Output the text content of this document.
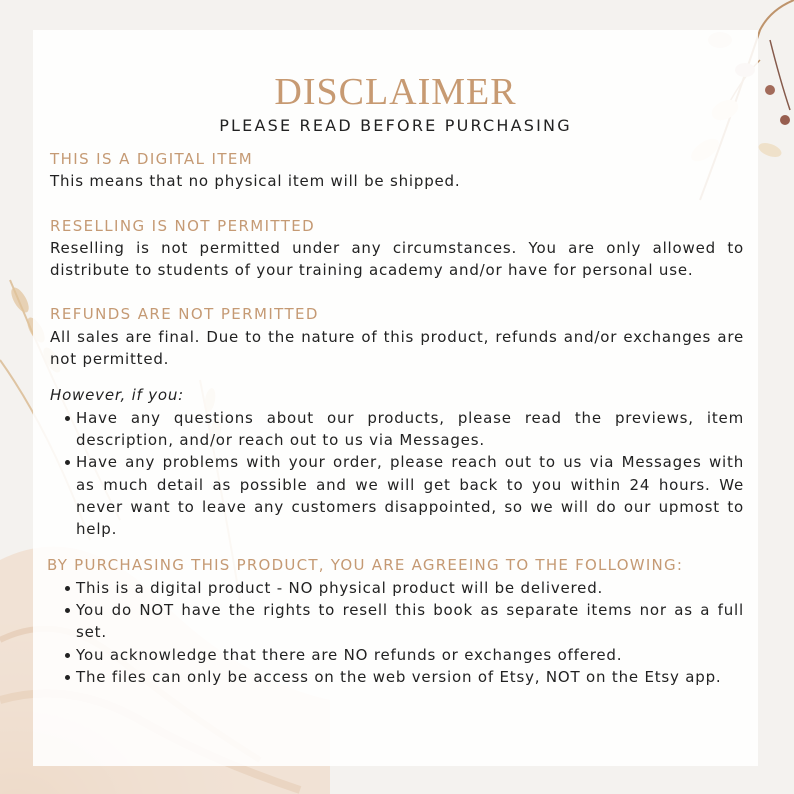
DISCLAIMER
PLEASE READ BEFORE PURCHASING
THIS IS A DIGITAL ITEM

This means that no physical item will be shipped.

RESELLING IS NOT PERMITTED

Reselling is not permitted under any circumstances. You are only allowed to distribute to students of your training academy and/or have for personal use.

REFUNDS ARE NOT PERMITTED

All sales are final. Due to the nature of this product, refunds and/or exchanges are not permitted.

However, if you:

Have any questions about our products, please read the previews, item description, and/or reach out to us via Messages.
Have any problems with your order, please reach out to us via Messages with as much detail as possible and we will get back to you within 24 hours. We never want to leave any customers disappointed, so we will do our upmost to help.
BY PURCHASING THIS PRODUCT, YOU ARE AGREEING TO THE FOLLOWING:
This is a digital product - NO physical product will be delivered.
You do NOT have the rights to resell this book as separate items nor as a full set.
You acknowledge that there are NO refunds or exchanges offered.
The files can only be access on the web version of Etsy, NOT on the Etsy app.
